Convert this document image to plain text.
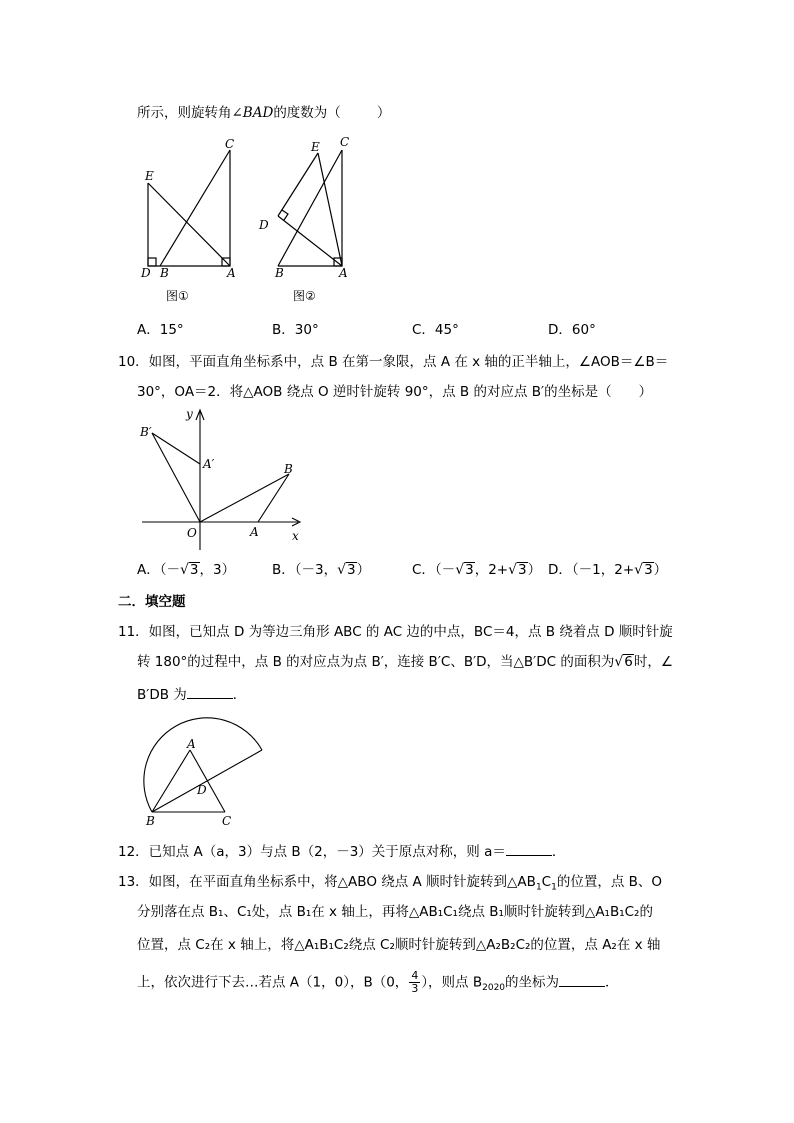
所示，则旋转角∠BAD的度数为（	）
C
E
D B	A
图①
E C
D
B	A
图②
A．15°	B．30°	C．45°	D．60°
10．如图，平面直角坐标系中，点 B 在第一象限，点 A 在 x 轴的正半轴上，∠AOB＝∠B＝
30°，OA＝2．将△AOB 绕点 O 逆时针旋转 90°，点 B 的对应点 B′的坐标是（　　）
y
B′
A′	B
O	A	x
A．（－√3，3）	B．（－3，√3）	C．（－√3，2+√3） D．（－1，2+√3）
二．填空题
11．如图，已知点 D 为等边三角形 ABC 的 AC 边的中点，BC＝4，点 B 绕着点 D 顺时针旋
转 180°的过程中，点 B 的对应点为点 B′，连接 B′C、B′D，当△B′DC 的面积为√6时，∠
B′DB 为	．
A
D
B	C
12．已知点 A（a，3）与点 B（2，－3）关于原点对称，则 a＝	．
13．如图，在平面直角坐标系中，将△ABO 绕点 A 顺时针旋转到$\triangle AB_1C_1$的位置，点 B、O
分别落在点 B₁、C₁处，点 B₁在 x 轴上，再将△AB₁C₁绕点 B₁顺时针旋转到△A₁B₁C₂的
位置，点 C₂在 x 轴上，将△A₁B₁C₂绕点 C₂顺时针旋转到△A₂B₂C₂的位置，点 A₂在 x 轴
上，依次进行下去…若点 A（1，0），B（0， $\frac{4}{3}$ ），则点 $B_{2020}$的坐标为	．
